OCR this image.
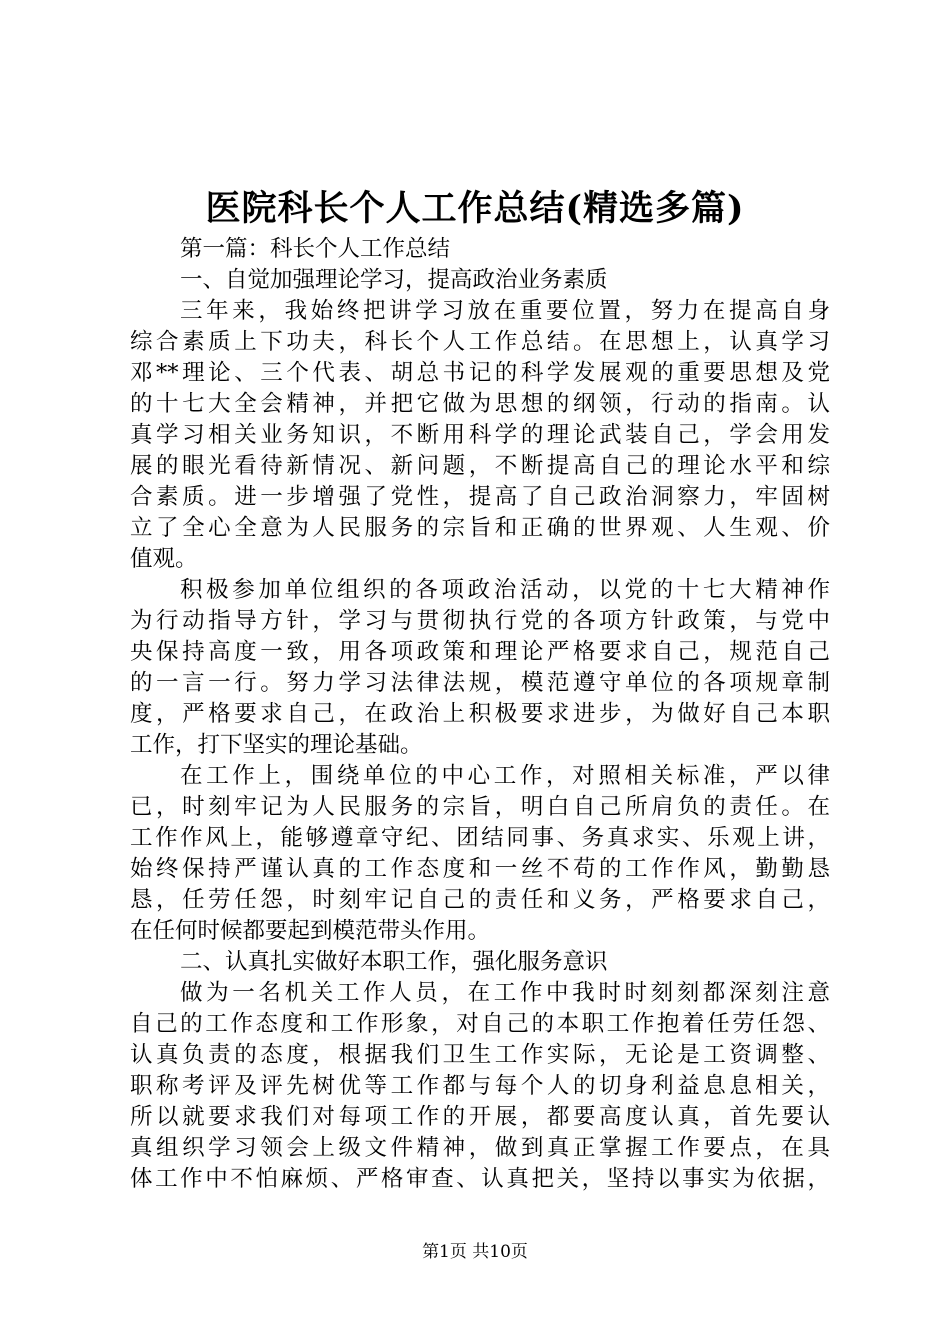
医院科长个人工作总结(精选多篇)
第一篇：科长个人工作总结
一、自觉加强理论学习，提高政治业务素质
三年来，我始终把讲学习放在重要位置，努力在提高自身
综合素质上下功夫，科长个人工作总结。在思想上，认真学习
邓**理论、三个代表、胡总书记的科学发展观的重要思想及党
的十七大全会精神，并把它做为思想的纲领，行动的指南。认
真学习相关业务知识，不断用科学的理论武装自己，学会用发
展的眼光看待新情况、新问题，不断提高自己的理论水平和综
合素质。进一步增强了党性，提高了自己政治洞察力，牢固树
立了全心全意为人民服务的宗旨和正确的世界观、人生观、价
值观。
积极参加单位组织的各项政治活动，以党的十七大精神作
为行动指导方针，学习与贯彻执行党的各项方针政策，与党中
央保持高度一致，用各项政策和理论严格要求自己，规范自己
的一言一行。努力学习法律法规，模范遵守单位的各项规章制
度，严格要求自己，在政治上积极要求进步，为做好自己本职
工作，打下坚实的理论基础。
在工作上，围绕单位的中心工作，对照相关标准，严以律
已，时刻牢记为人民服务的宗旨，明白自己所肩负的责任。在
工作作风上，能够遵章守纪、团结同事、务真求实、乐观上讲，
始终保持严谨认真的工作态度和一丝不苟的工作作风，勤勤恳
恳，任劳任怨，时刻牢记自己的责任和义务，严格要求自己，
在任何时候都要起到模范带头作用。
二、认真扎实做好本职工作，强化服务意识
做为一名机关工作人员，在工作中我时时刻刻都深刻注意
自己的工作态度和工作形象，对自己的本职工作抱着任劳任怨、
认真负责的态度，根据我们卫生工作实际，无论是工资调整、
职称考评及评先树优等工作都与每个人的切身利益息息相关，
所以就要求我们对每项工作的开展，都要高度认真，首先要认
真组织学习领会上级文件精神，做到真正掌握工作要点，在具
体工作中不怕麻烦、严格审查、认真把关，坚持以事实为依据，
第1页 共10页
